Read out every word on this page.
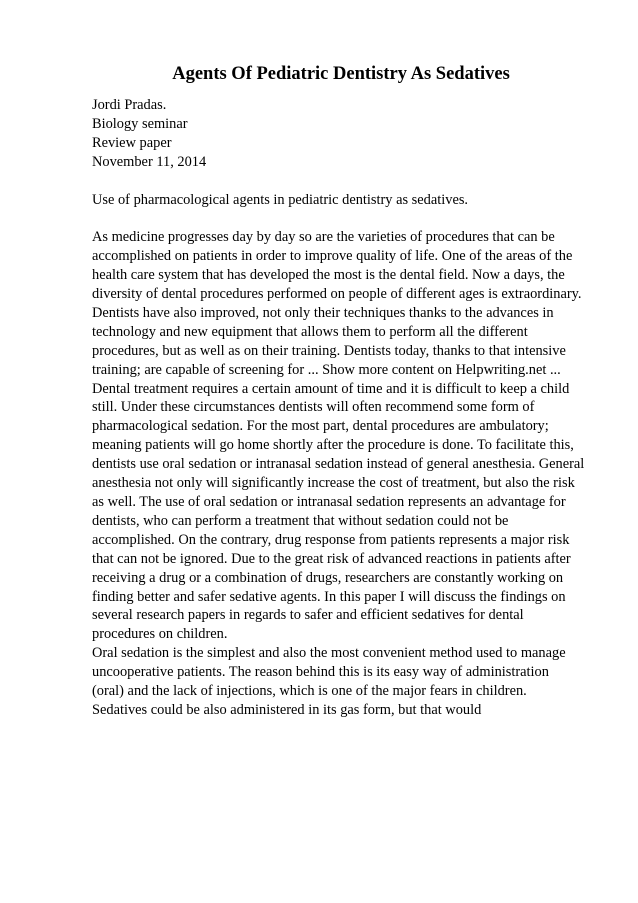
Agents Of Pediatric Dentistry As Sedatives
Jordi Pradas.
Biology seminar
Review paper
November 11, 2014
Use of pharmacological agents in pediatric dentistry as sedatives.
As medicine progresses day by day so are the varieties of procedures that can be
accomplished on patients in order to improve quality of life. One of the areas of the
health care system that has developed the most is the dental field. Now a days, the
diversity of dental procedures performed on people of different ages is extraordinary.
Dentists have also improved, not only their techniques thanks to the advances in
technology and new equipment that allows them to perform all the different
procedures, but as well as on their training. Dentists today, thanks to that intensive
training; are capable of screening for ... Show more content on Helpwriting.net ...
Dental treatment requires a certain amount of time and it is difficult to keep a child
still. Under these circumstances dentists will often recommend some form of
pharmacological sedation. For the most part, dental procedures are ambulatory;
meaning patients will go home shortly after the procedure is done. To facilitate this,
dentists use oral sedation or intranasal sedation instead of general anesthesia. General
anesthesia not only will significantly increase the cost of treatment, but also the risk
as well. The use of oral sedation or intranasal sedation represents an advantage for
dentists, who can perform a treatment that without sedation could not be
accomplished. On the contrary, drug response from patients represents a major risk
that can not be ignored. Due to the great risk of advanced reactions in patients after
receiving a drug or a combination of drugs, researchers are constantly working on
finding better and safer sedative agents. In this paper I will discuss the findings on
several research papers in regards to safer and efficient sedatives for dental
procedures on children.
Oral sedation is the simplest and also the most convenient method used to manage
uncooperative patients. The reason behind this is its easy way of administration
(oral) and the lack of injections, which is one of the major fears in children.
Sedatives could be also administered in its gas form, but that would
